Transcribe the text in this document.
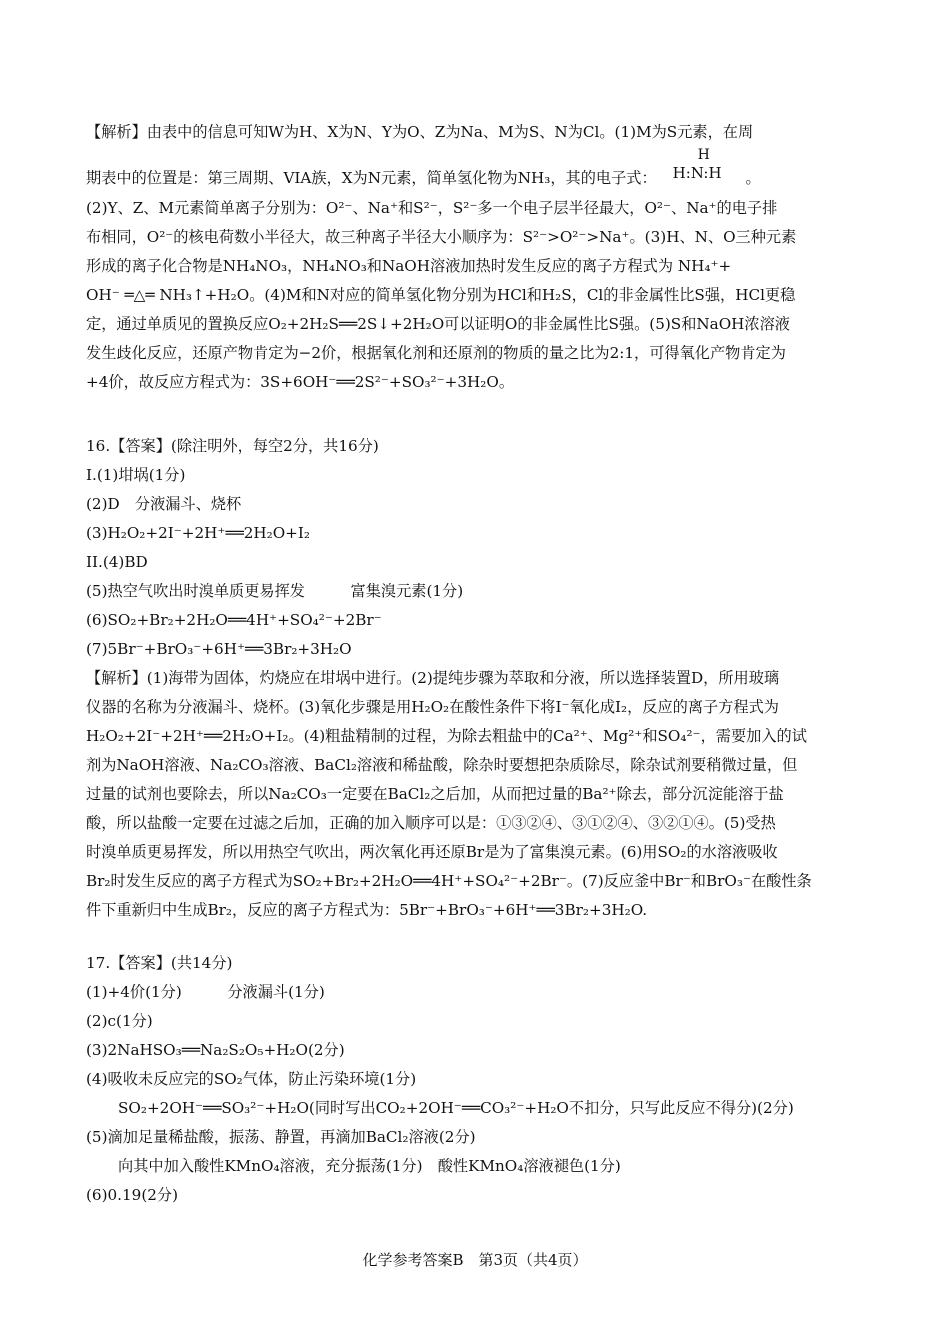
【解析】由表中的信息可知W为H、X为N、Y为O、Z为Na、M为S、N为Cl。(1)M为S元素，在周

期表中的位置是：第三周期、VIA族，X为N元素，简单氢化物为NH₃，其的电子式：
H
H:N:H 。

(2)Y、Z、M元素简单离子分别为：O²⁻、Na⁺和S²⁻，S²⁻多一个电子层半径最大，O²⁻、Na⁺的电子排

布相同，O²⁻的核电荷数小半径大，故三种离子半径大小顺序为：S²⁻>O²⁻>Na⁺。(3)H、N、O三种元素

形成的离子化合物是NH₄NO₃，NH₄NO₃和NaOH溶液加热时发生反应的离子方程式为 NH₄⁺+

OH⁻ ═△═ NH₃↑+H₂O。(4)M和N对应的简单氢化物分别为HCl和H₂S，Cl的非金属性比S强，HCl更稳

定，通过单质见的置换反应O₂+2H₂S══2S↓+2H₂O可以证明O的非金属性比S强。(5)S和NaOH浓溶液

发生歧化反应，还原产物肯定为−2价，根据氧化剂和还原剂的物质的量之比为2:1，可得氧化产物肯定为

+4价，故反应方程式为：3S+6OH⁻══2S²⁻+SO₃²⁻+3H₂O。

16.【答案】(除注明外，每空2分，共16分)

I.(1)坩埚(1分)

(2)D　分液漏斗、烧杯

(3)H₂O₂+2I⁻+2H⁺══2H₂O+I₂

II.(4)BD

(5)热空气吹出时溴单质更易挥发　　　富集溴元素(1分)

(6)SO₂+Br₂+2H₂O══4H⁺+SO₄²⁻+2Br⁻

(7)5Br⁻+BrO₃⁻+6H⁺══3Br₂+3H₂O

【解析】(1)海带为固体，灼烧应在坩埚中进行。(2)提纯步骤为萃取和分液，所以选择装置D，所用玻璃

仪器的名称为分液漏斗、烧杯。(3)氧化步骤是用H₂O₂在酸性条件下将I⁻氧化成I₂，反应的离子方程式为

H₂O₂+2I⁻+2H⁺══2H₂O+I₂。(4)粗盐精制的过程，为除去粗盐中的Ca²⁺、Mg²⁺和SO₄²⁻，需要加入的试

剂为NaOH溶液、Na₂CO₃溶液、BaCl₂溶液和稀盐酸，除杂时要想把杂质除尽，除杂试剂要稍微过量，但

过量的试剂也要除去，所以Na₂CO₃一定要在BaCl₂之后加，从而把过量的Ba²⁺除去，部分沉淀能溶于盐

酸，所以盐酸一定要在过滤之后加，正确的加入顺序可以是：①③②④、③①②④、③②①④。(5)受热

时溴单质更易挥发，所以用热空气吹出，两次氧化再还原Br是为了富集溴元素。(6)用SO₂的水溶液吸收

Br₂时发生反应的离子方程式为SO₂+Br₂+2H₂O══4H⁺+SO₄²⁻+2Br⁻。(7)反应釜中Br⁻和BrO₃⁻在酸性条

件下重新归中生成Br₂，反应的离子方程式为：5Br⁻+BrO₃⁻+6H⁺══3Br₂+3H₂O.

17.【答案】(共14分)

(1)+4价(1分)　　　分液漏斗(1分)

(2)c(1分)

(3)2NaHSO₃══Na₂S₂O₅+H₂O(2分)

(4)吸收未反应完的SO₂气体，防止污染环境(1分)

SO₂+2OH⁻══SO₃²⁻+H₂O(同时写出CO₂+2OH⁻══CO₃²⁻+H₂O不扣分，只写此反应不得分)(2分)

(5)滴加足量稀盐酸，振荡、静置，再滴加BaCl₂溶液(2分)

向其中加入酸性KMnO₄溶液，充分振荡(1分)　酸性KMnO₄溶液褪色(1分)

(6)0.19(2分)

化学参考答案B　第3页（共4页）
